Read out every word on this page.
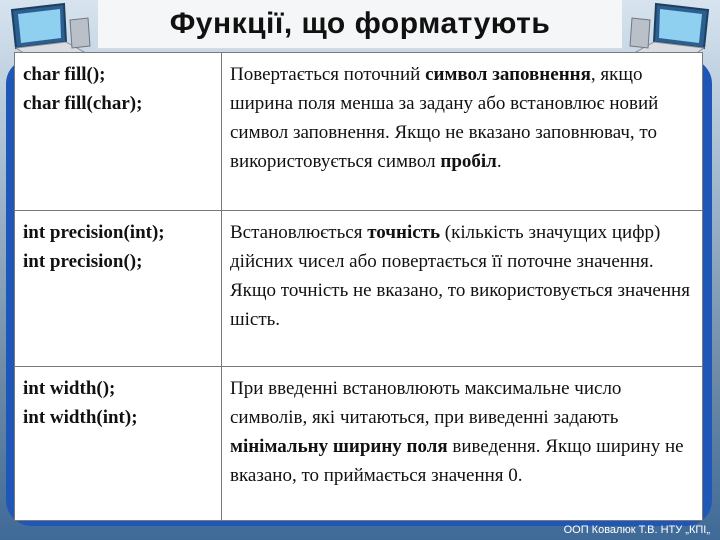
Функції, що форматують
char fill();
char fill(char);	Повертається поточний символ заповнення, якщо ширина поля менша за задану або встановлює новий символ заповнення. Якщо не вказано заповнювач, то використовується символ пробіл.

int precision(int);
int precision();	Встановлюється точність (кількість значущих цифр) дійсних чисел або повертається її поточне значення. Якщо точність не вказано, то використовується значення шість.

int width();
int width(int);	При введенні встановлюють максимальне число символів, які читаються, при виведенні задають мінімальну ширину поля виведення. Якщо ширину не вказано, то приймається значення 0.
ООП Ковалюк Т.В. НТУ „КПІ„
